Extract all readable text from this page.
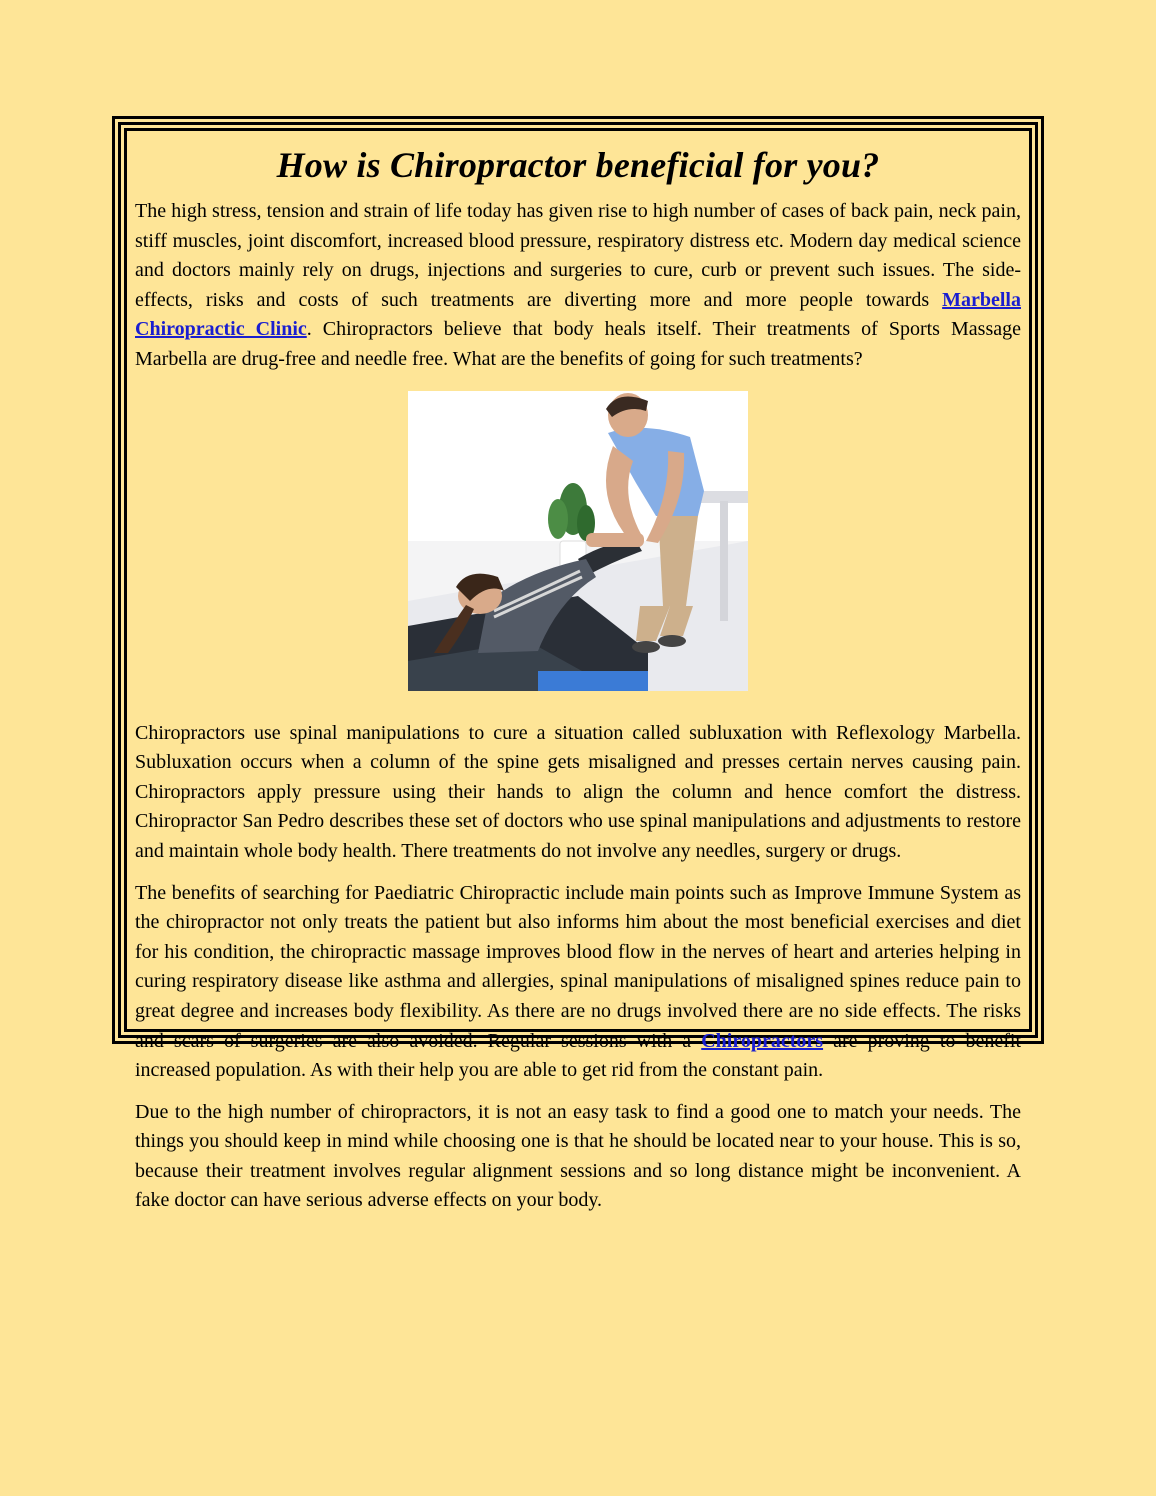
How is Chiropractor beneficial for you?

The high stress, tension and strain of life today has given rise to high number of cases of back pain, neck pain, stiff muscles, joint discomfort, increased blood pressure, respiratory distress etc. Modern day medical science and doctors mainly rely on drugs, injections and surgeries to cure, curb or prevent such issues. The side-effects, risks and costs of such treatments are diverting more and more people towards Marbella Chiropractic Clinic. Chiropractors believe that body heals itself. Their treatments of Sports Massage Marbella are drug-free and needle free. What are the benefits of going for such treatments?

Chiropractors use spinal manipulations to cure a situation called subluxation with Reflexology Marbella. Subluxation occurs when a column of the spine gets misaligned and presses certain nerves causing pain. Chiropractors apply pressure using their hands to align the column and hence comfort the distress. Chiropractor San Pedro describes these set of doctors who use spinal manipulations and adjustments to restore and maintain whole body health. There treatments do not involve any needles, surgery or drugs.

The benefits of searching for Paediatric Chiropractic include main points such as Improve Immune System as the chiropractor not only treats the patient but also informs him about the most beneficial exercises and diet for his condition, the chiropractic massage improves blood flow in the nerves of heart and arteries helping in curing respiratory disease like asthma and allergies, spinal manipulations of misaligned spines reduce pain to great degree and increases body flexibility. As there are no drugs involved there are no side effects. The risks and scars of surgeries are also avoided. Regular sessions with a Chiropractors are proving to benefit increased population. As with their help you are able to get rid from the constant pain.

Due to the high number of chiropractors, it is not an easy task to find a good one to match your needs. The things you should keep in mind while choosing one is that he should be located near to your house. This is so, because their treatment involves regular alignment sessions and so long distance might be inconvenient. A fake doctor can have serious adverse effects on your body.
